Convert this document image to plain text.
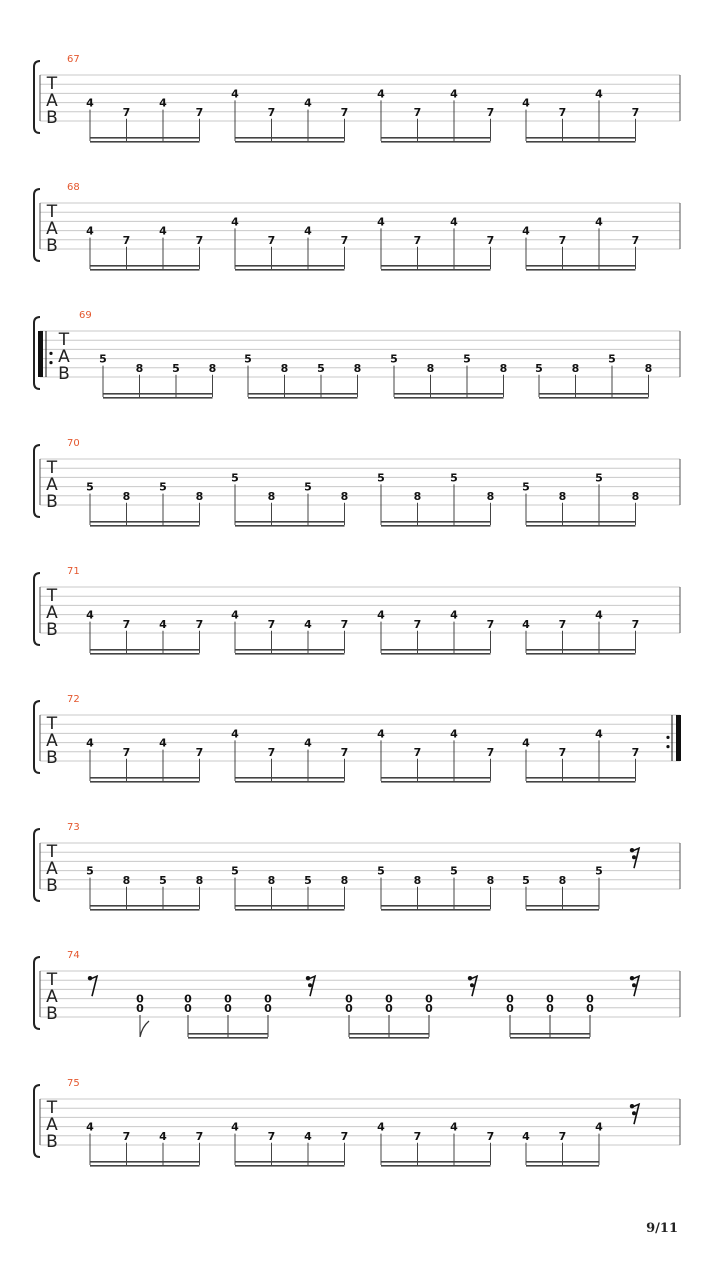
67
T
A
B
4
7
4
7
4
7
4
7
4
7
4
7
4
7
4
7
68
T
A
B
4
7
4
7
4
7
4
7
4
7
4
7
4
7
4
7
69
T
A
B
5
8	5	8
5
8	5	8
5
8
5
8	5	8
5
8
70
T
A
B
5
8
5
8
5
8
5
8
5
8
5
8
5
8
5
8
71
T
A
B
4
7	4	7
4
7	4	7
4
7
4
7	4	7
4
7
72
T
A
B
4
7
4
7
4
7
4
7
4
7
4
7
4
7
4
7
73
T
A
B
5
8	5	8
5
8	5	8
5
8
5
8	5	8
5
74
T
A
B
0
0
0
0
0
0
0
0
0
0
0
0
0
0
0
0
0
0
0
0
75
T
A
B
4
7	4	7
4
7	4	7
4
7
4
7	4	7
4
9/11
